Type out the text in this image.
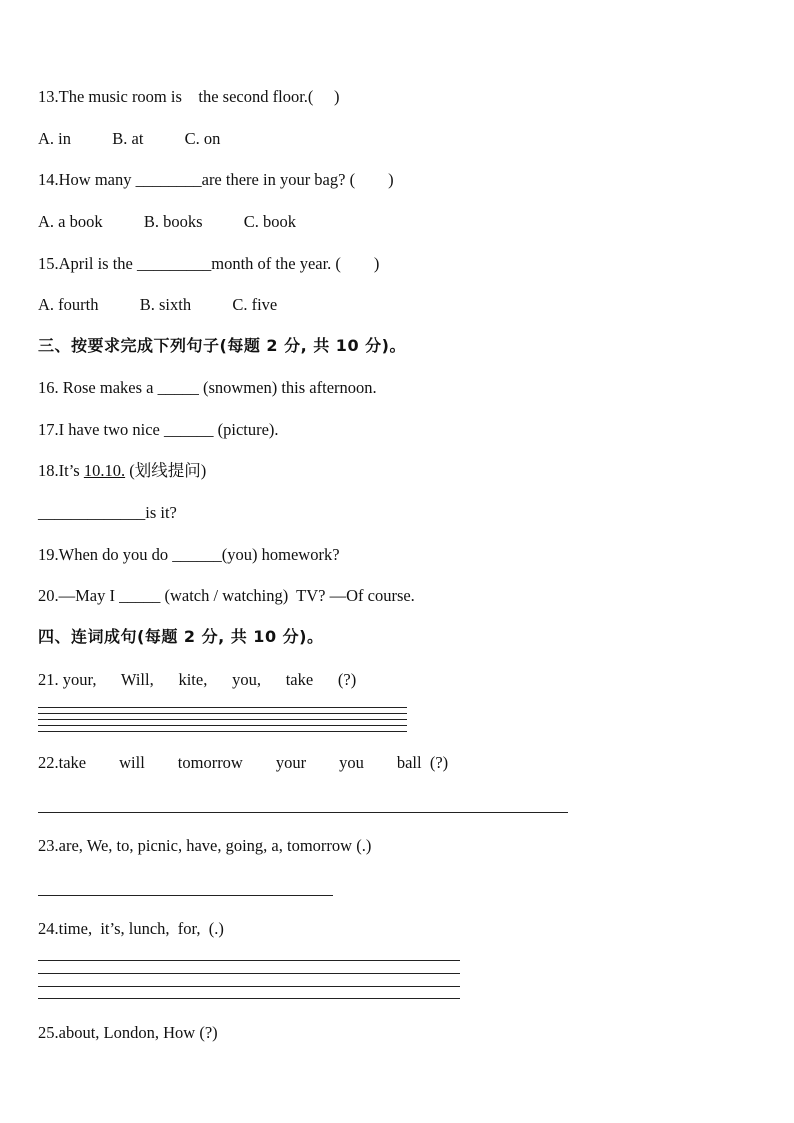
13.The music room is    the second floor.(     )
A. in          B. at          C. on
14.How many ________are there in your bag? (        )
A. a book          B. books          C. book
15.April is the _________month of the year. (        )
A. fourth          B. sixth          C. five
三、按要求完成下列句子(每题 2 分, 共 10 分)。
16. Rose makes a _____ (snowmen) this afternoon.
17.I have two nice ______ (picture).
18.It’s 10.10. (划线提问)
_____________is it?
19.When do you do ______(you) homework?
20.—May I _____ (watch / watching)  TV? —Of course.
四、连词成句(每题 2 分, 共 10 分)。
21. your,      Will,      kite,      you,      take      (?)
22.take        will        tomorrow        your        you        ball  (?)
23.are, We, to, picnic, have, going, a, tomorrow (.)
24.time,  it’s, lunch,  for,  (.)
25.about, London, How (?)
